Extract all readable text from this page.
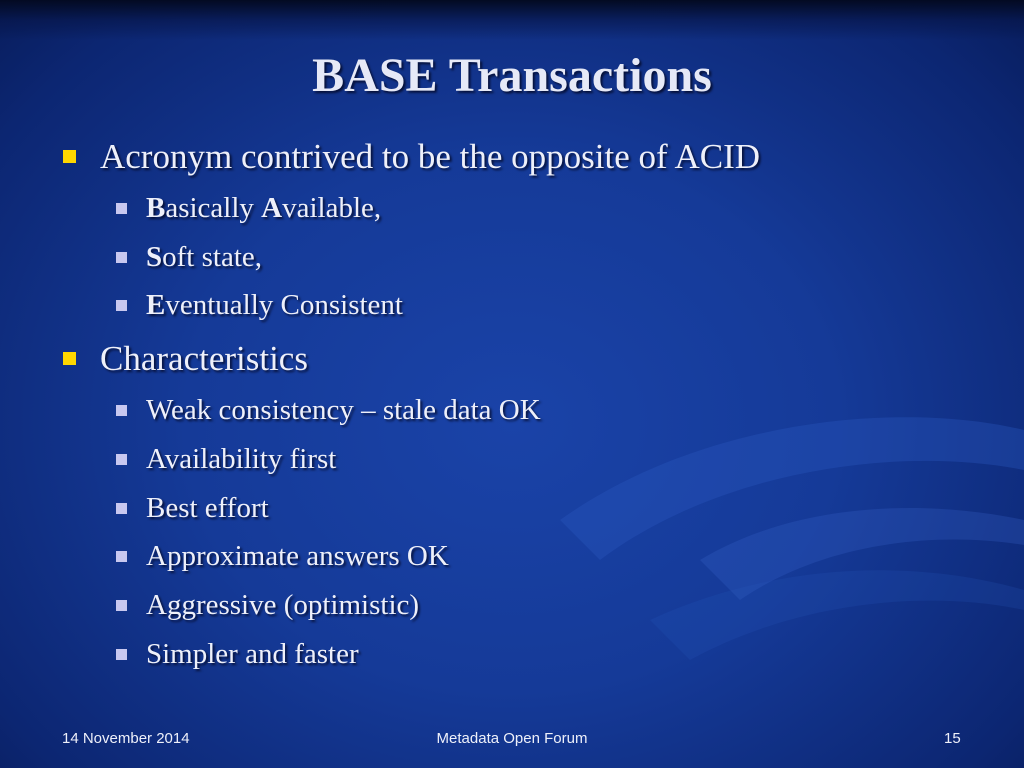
BASE Transactions
Acronym contrived to be the opposite of ACID
Basically Available,
Soft state,
Eventually Consistent
Characteristics
Weak consistency – stale data OK
Availability first
Best effort
Approximate answers OK
Aggressive (optimistic)
Simpler and faster
14 November 2014	Metadata Open Forum	15
